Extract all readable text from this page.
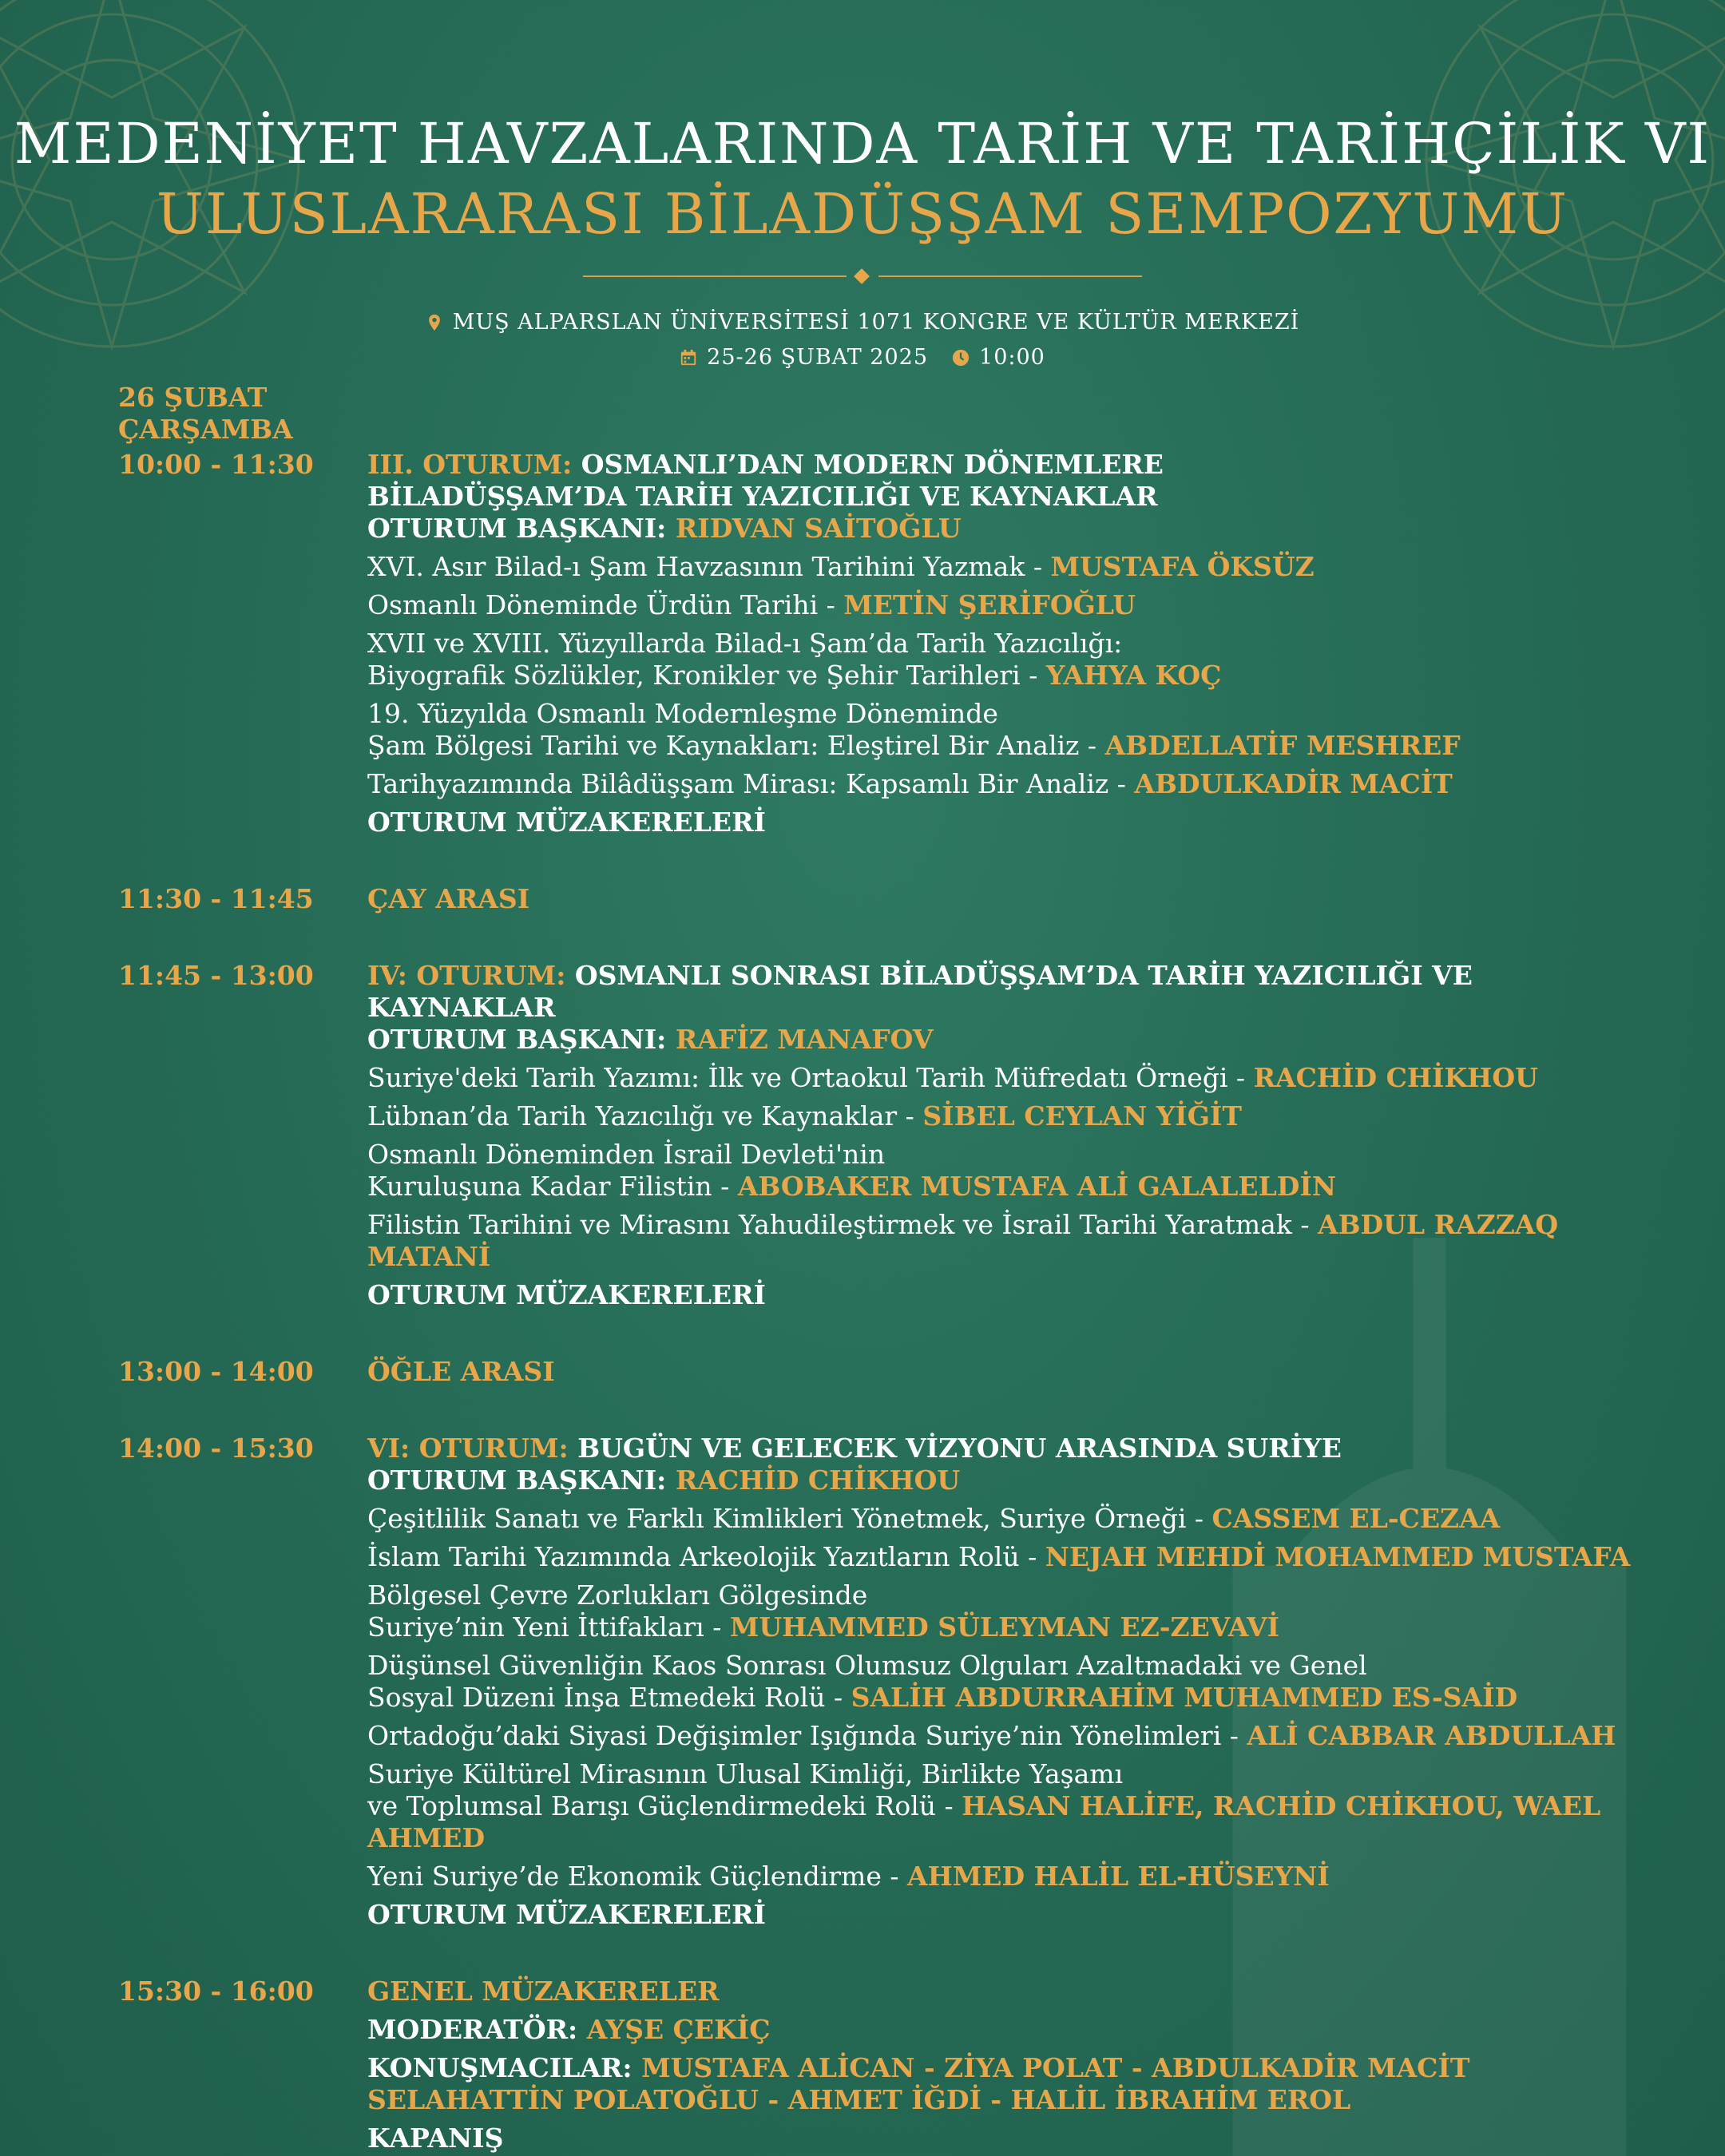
MEDENİYET HAVZALARINDA TARİH VE TARİHÇİLİK VI
ULUSLARARASI BİLADÜŞŞAM SEMPOZYUMU
MUŞ ALPARSLAN ÜNİVERSİTESİ 1071 KONGRE VE KÜLTÜR MERKEZİ
25-26 ŞUBAT 2025 10:00
26 ŞUBAT
ÇARŞAMBA
10:00 - 11:30	III. OTURUM: OSMANLI’DAN MODERN DÖNEMLERE
BİLADÜŞŞAM’DA TARİH YAZICILIĞI VE KAYNAKLAR
OTURUM BAŞKANI: RIDVAN SAİTOĞLU
XVI. Asır Bilad-ı Şam Havzasının Tarihini Yazmak - MUSTAFA ÖKSÜZ
Osmanlı Döneminde Ürdün Tarihi - METİN ŞERİFOĞLU
XVII ve XVIII. Yüzyıllarda Bilad-ı Şam’da Tarih Yazıcılığı:
Biyografik Sözlükler, Kronikler ve Şehir Tarihleri - YAHYA KOÇ
19. Yüzyılda Osmanlı Modernleşme Döneminde
Şam Bölgesi Tarihi ve Kaynakları: Eleştirel Bir Analiz - ABDELLATİF MESHREF
Tarihyazımında Bilâdüşşam Mirası: Kapsamlı Bir Analiz - ABDULKADİR MACİT
OTURUM MÜZAKERELERİ
11:30 - 11:45	ÇAY ARASI
11:45 - 13:00	IV: OTURUM: OSMANLI SONRASI BİLADÜŞŞAM’DA TARİH YAZICILIĞI VE KAYNAKLAR
OTURUM BAŞKANI: RAFİZ MANAFOV
Suriye'deki Tarih Yazımı: İlk ve Ortaokul Tarih Müfredatı Örneği - RACHİD CHİKHOU
Lübnan’da Tarih Yazıcılığı ve Kaynaklar - SİBEL CEYLAN YİĞİT
Osmanlı Döneminden İsrail Devleti'nin
Kuruluşuna Kadar Filistin - ABOBAKER MUSTAFA ALİ GALALELDİN
Filistin Tarihini ve Mirasını Yahudileştirmek ve İsrail Tarihi Yaratmak - ABDUL RAZZAQ MATANİ
OTURUM MÜZAKERELERİ
13:00 - 14:00	ÖĞLE ARASI
14:00 - 15:30	VI: OTURUM: BUGÜN VE GELECEK VİZYONU ARASINDA SURİYE
OTURUM BAŞKANI: RACHİD CHİKHOU
Çeşitlilik Sanatı ve Farklı Kimlikleri Yönetmek, Suriye Örneği - CASSEM EL-CEZAA
İslam Tarihi Yazımında Arkeolojik Yazıtların Rolü - NEJAH MEHDİ MOHAMMED MUSTAFA
Bölgesel Çevre Zorlukları Gölgesinde
Suriye’nin Yeni İttifakları - MUHAMMED SÜLEYMAN EZ-ZEVAVİ
Düşünsel Güvenliğin Kaos Sonrası Olumsuz Olguları Azaltmadaki ve Genel
Sosyal Düzeni İnşa Etmedeki Rolü - SALİH ABDURRAHİM MUHAMMED ES-SAİD
Ortadoğu’daki Siyasi Değişimler Işığında Suriye’nin Yönelimleri - ALİ CABBAR ABDULLAH
Suriye Kültürel Mirasının Ulusal Kimliği, Birlikte Yaşamı
ve Toplumsal Barışı Güçlendirmedeki Rolü - HASAN HALİFE, RACHİD CHİKHOU, WAEL AHMED
Yeni Suriye’de Ekonomik Güçlendirme - AHMED HALİL EL-HÜSEYNİ
OTURUM MÜZAKERELERİ
15:30 - 16:00	GENEL MÜZAKERELER
MODERATÖR: AYŞE ÇEKİÇ
KONUŞMACILAR: MUSTAFA ALİCAN - ZİYA POLAT - ABDULKADİR MACİT
SELAHATTİN POLATOĞLU - AHMET İĞDİ - HALİL İBRAHİM EROL
KAPANIŞ
